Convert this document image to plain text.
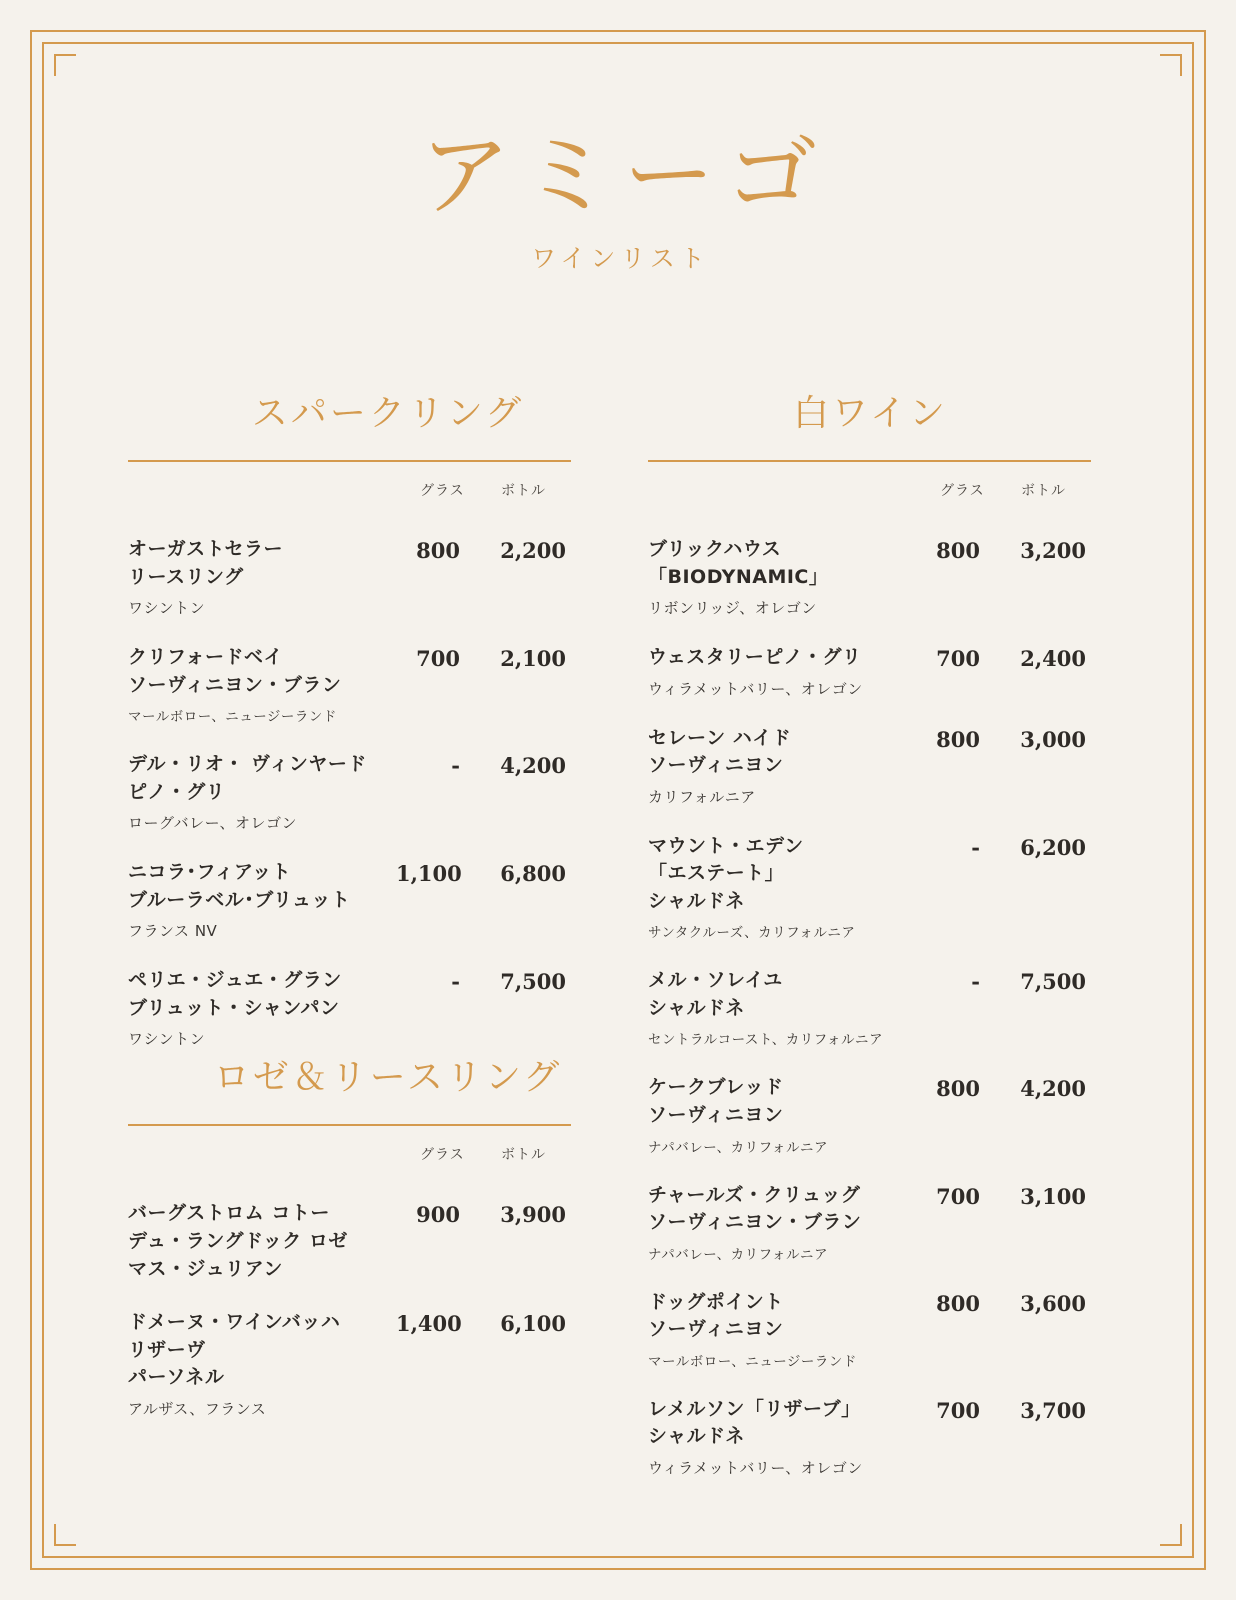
アミーゴ
ワインリスト
スパークリング
グラス	ボトル
オーガストセラー
リースリング
ワシントン
800	2,200
クリフォードベイ
ソーヴィニヨン・ブラン
マールボロー、ニュージーランド
700	2,100
デル・リオ・ ヴィンヤード
ピノ・グリ
ローグバレー、オレゴン
-	4,200
ニコラ･フィアット
ブルーラベル･ブリュット
フランス NV
1,100	6,800
ペリエ・ジュエ・グラン
ブリュット・シャンパン
ワシントン
-	7,500
ロゼ＆リースリング
グラス	ボトル
バーグストロム コトー
デュ・ラングドック ロゼ
マス・ジュリアン
900	3,900
ドメーヌ・ワインバッハ
リザーヴ
パーソネル
アルザス、フランス
1,400	6,100
白ワイン
グラス	ボトル
ブリックハウス
「BIODYNAMIC」
リボンリッジ、オレゴン
800	3,200
ウェスタリーピノ・グリ
ウィラメットバリー、オレゴン
700	2,400
セレーン ハイド
ソーヴィニヨン
カリフォルニア
800	3,000
マウント・エデン
「エステート」
シャルドネ
サンタクルーズ、カリフォルニア
-	6,200
メル・ソレイユ
シャルドネ
セントラルコースト、カリフォルニア
-	7,500
ケークブレッド
ソーヴィニヨン
ナパバレー、カリフォルニア
800	4,200
チャールズ・クリュッグ
ソーヴィニヨン・ブラン
ナパバレー、カリフォルニア
700	3,100
ドッグポイント
ソーヴィニヨン
マールボロー、ニュージーランド
800	3,600
レメルソン「リザーブ」
シャルドネ
ウィラメットバリー、オレゴン
700	3,700
